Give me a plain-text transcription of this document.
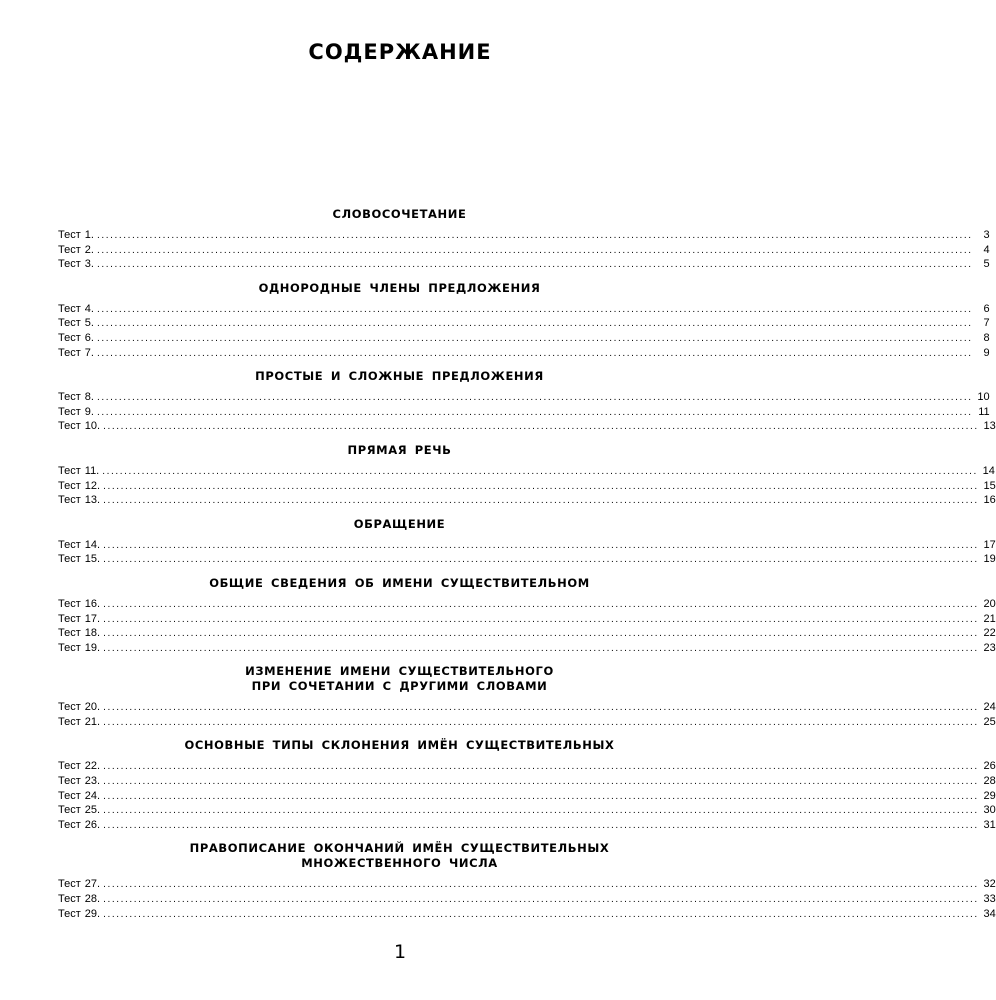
СОДЕРЖАНИЕ
СЛОВОСОЧЕТАНИЕ
Тест 1. ........................................................................................................................................................................................................ 3
Тест 2. ........................................................................................................................................................................................................ 4
Тест 3. ........................................................................................................................................................................................................ 5
ОДНОРОДНЫЕ ЧЛЕНЫ ПРЕДЛОЖЕНИЯ
Тест 4. ........................................................................................................................................................................................................ 6
Тест 5. ........................................................................................................................................................................................................ 7
Тест 6. ........................................................................................................................................................................................................ 8
Тест 7. ........................................................................................................................................................................................................ 9
ПРОСТЫЕ И СЛОЖНЫЕ ПРЕДЛОЖЕНИЯ
Тест 8. ........................................................................................................................................................................................................ 10
Тест 9. ........................................................................................................................................................................................................ 11
Тест 10. ........................................................................................................................................................................................................ 13
ПРЯМАЯ РЕЧЬ
Тест 11. ........................................................................................................................................................................................................ 14
Тест 12. ........................................................................................................................................................................................................ 15
Тест 13. ........................................................................................................................................................................................................ 16
ОБРАЩЕНИЕ
Тест 14. ........................................................................................................................................................................................................ 17
Тест 15. ........................................................................................................................................................................................................ 19
ОБЩИЕ СВЕДЕНИЯ ОБ ИМЕНИ СУЩЕСТВИТЕЛЬНОМ
Тест 16. ........................................................................................................................................................................................................ 20
Тест 17. ........................................................................................................................................................................................................ 21
Тест 18. ........................................................................................................................................................................................................ 22
Тест 19. ........................................................................................................................................................................................................ 23
ИЗМЕНЕНИЕ ИМЕНИ СУЩЕСТВИТЕЛЬНОГО
ПРИ СОЧЕТАНИИ С ДРУГИМИ СЛОВАМИ
Тест 20. ........................................................................................................................................................................................................ 24
Тест 21. ........................................................................................................................................................................................................ 25
ОСНОВНЫЕ ТИПЫ СКЛОНЕНИЯ ИМЁН СУЩЕСТВИТЕЛЬНЫХ
Тест 22. ........................................................................................................................................................................................................ 26
Тест 23. ........................................................................................................................................................................................................ 28
Тест 24. ........................................................................................................................................................................................................ 29
Тест 25. ........................................................................................................................................................................................................ 30
Тест 26. ........................................................................................................................................................................................................ 31
ПРАВОПИСАНИЕ ОКОНЧАНИЙ ИМЁН СУЩЕСТВИТЕЛЬНЫХ
МНОЖЕСТВЕННОГО ЧИСЛА
Тест 27. ........................................................................................................................................................................................................ 32
Тест 28. ........................................................................................................................................................................................................ 33
Тест 29. ........................................................................................................................................................................................................ 34
1
